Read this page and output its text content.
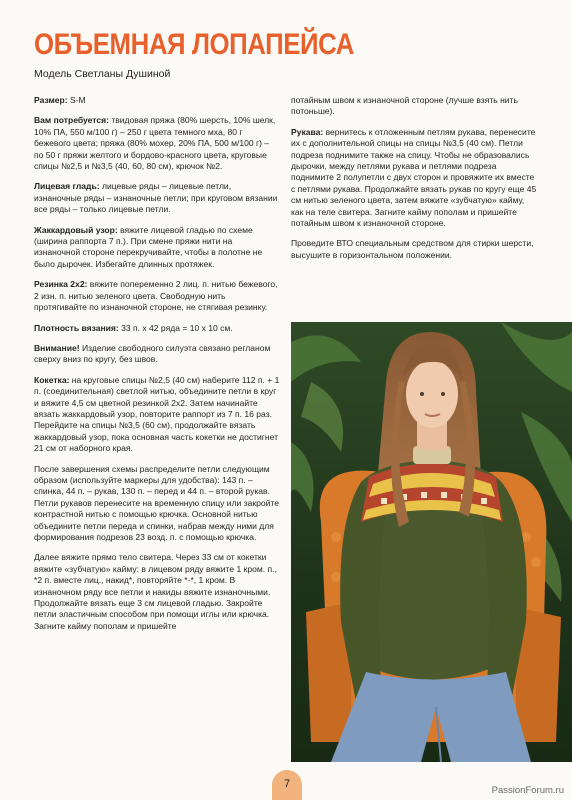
ОБЪЕМНАЯ ЛОПАПЕЙСА
Модель Светланы Душиной

Размер: S-M

Вам потребуется: твидовая пряжа (80% шерсть, 10% шелк, 10% ПА, 550 м/100 г) – 250 г цвета темного мха, 80 г бежевого цвета; пряжа (80% мохер, 20% ПА, 500 м/100 г) – по 50 г пряжи желтого и бордово-красного цвета, круговые спицы №2,5 и №3,5 (40, 60, 80 см), крючок №2.

Лицевая гладь: лицевые ряды – лицевые петли, изнаночные ряды – изнаночные петли; при круговом вязании все ряды – только лицевые петли.

Жаккардовый узор: вяжите лицевой гладью по схеме (ширина раппорта 7 п.). При смене пряжи нити на изнаночной стороне перекручивайте, чтобы в полотне не было дырочек. Избегайте длинных протяжек.

Резинка 2х2: вяжите попеременно 2 лиц. п. нитью бежевого, 2 изн. п. нитью зеленого цвета. Свободную нить протягивайте по изнаночной стороне, не стягивая резинку.

Плотность вязания: 33 п. х 42 ряда = 10 х 10 см.

Внимание! Изделие свободного силуэта связано регланом сверху вниз по кругу, без швов.

Кокетка: на круговые спицы №2,5 (40 см) наберите 112 п. + 1 п. (соединительная) светлой нитью, объедините петли в круг и вяжите 4,5 см цветной резинкой 2х2. Затем начинайте вязать жаккардовый узор, повторите раппорт из 7 п. 16 раз. Перейдите на спицы №3,5 (60 см), продолжайте вязать жаккардовый узор, пока основная часть кокетки не достигнет 21 см от наборного края.

После завершения схемы распределите петли следующим образом (используйте маркеры для удобства): 143 п. – спинка, 44 п. – рукав, 130 п. – перед и 44 п. – второй рукав. Петли рукавов перенесите на временную спицу или закройте контрастной нитью с помощью крючка. Основной нитью объедините петли переда и спинки, набрав между ними для формирования подрезов 23 возд. п. с помощью крючка.

Далее вяжите прямо тело свитера. Через 33 см от кокетки вяжите «зубчатую» кайму: в лицевом ряду вяжите 1 кром. п., *2 п. вместе лиц., накид*, повторяйте *-*, 1 кром. В изнаночном ряду все петли и накиды вяжите изнаночными. Продолжайте вязать еще 3 см лицевой гладью. Закройте петли эластичным способом при помощи иглы или крючка. Загните кайму пополам и пришейте

потайным швом к изнаночной стороне (лучше взять нить потоньше).

Рукава: вернитесь к отложенным петлям рукава, перенесите их с дополнительной спицы на спицы №3,5 (40 см). Петли подреза поднимите также на спицу. Чтобы не образовались дырочки, между петлями рукава и петлями подреза поднимите 2 полупетли с двух сторон и провяжите их вместе с петлями рукава. Продолжайте вязать рукав по кругу еще 45 см нитью зеленого цвета, затем вяжите «зубчатую» кайму, как на теле свитера. Загните кайму пополам и пришейте потайным швом к изнаночной стороне.

Проведите ВТО специальным средством для стирки шерсти, высушите в горизонтальном положении.

7
PassionForum.ru
